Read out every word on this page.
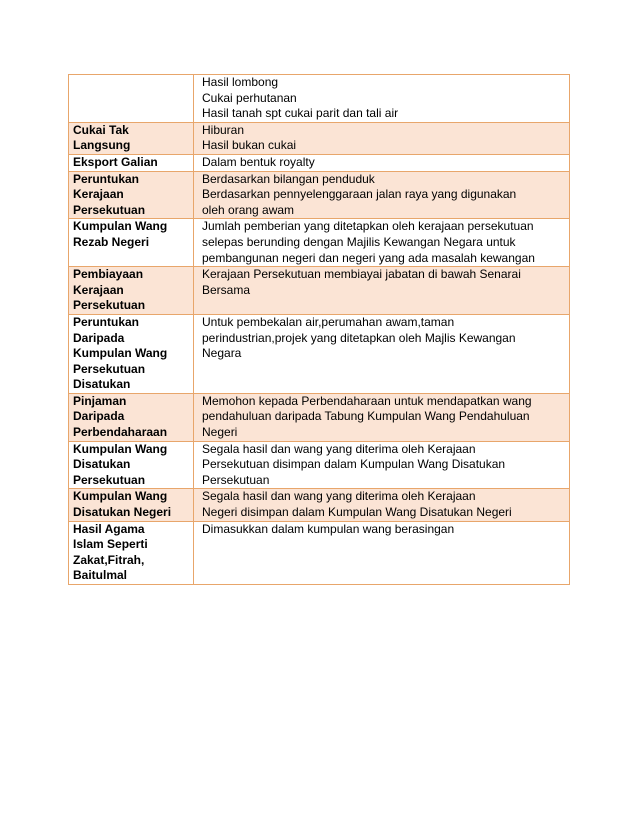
	Hasil lombong
Cukai perhutanan
Hasil tanah spt cukai parit dan tali air

Cukai Tak
Langsung	Hiburan
Hasil bukan cukai

Eksport Galian	Dalam bentuk royalty

Peruntukan
Kerajaan
Persekutuan	Berdasarkan bilangan penduduk
Berdasarkan pennyelenggaraan jalan raya yang digunakan
oleh orang awam

Kumpulan Wang
Rezab Negeri	Jumlah pemberian yang ditetapkan oleh kerajaan persekutuan
selepas berunding dengan Majilis Kewangan Negara untuk
pembangunan negeri dan negeri yang ada masalah kewangan

Pembiayaan
Kerajaan
Persekutuan	Kerajaan Persekutuan membiayai jabatan di bawah Senarai
Bersama

Peruntukan
Daripada
Kumpulan Wang
Persekutuan
Disatukan	Untuk pembekalan air,perumahan awam,taman
perindustrian,projek yang ditetapkan oleh Majlis Kewangan
Negara

Pinjaman
Daripada
Perbendaharaan	Memohon kepada Perbendaharaan untuk mendapatkan wang
pendahuluan daripada Tabung Kumpulan Wang Pendahuluan
Negeri

Kumpulan Wang
Disatukan
Persekutuan	Segala hasil dan wang yang diterima oleh Kerajaan
Persekutuan disimpan dalam Kumpulan Wang Disatukan
Persekutuan

Kumpulan Wang
Disatukan Negeri	Segala hasil dan wang yang diterima oleh Kerajaan
Negeri disimpan dalam Kumpulan Wang Disatukan Negeri

Hasil Agama
Islam Seperti
Zakat,Fitrah,
Baitulmal	Dimasukkan dalam kumpulan wang berasingan
